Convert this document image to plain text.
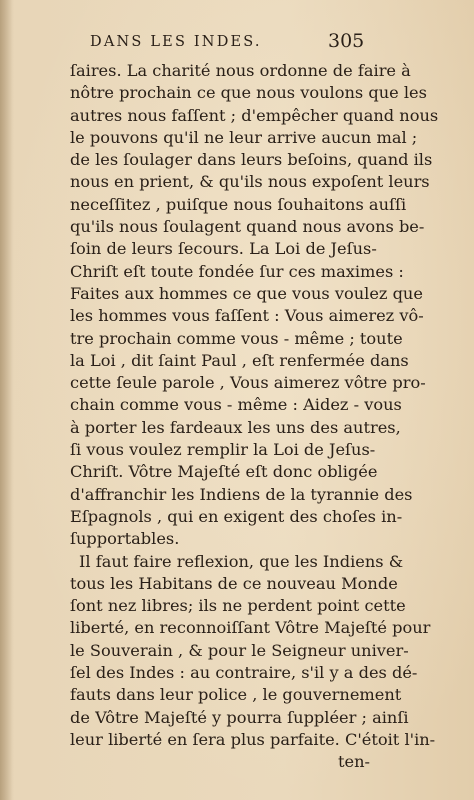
DANS LES INDES.	305
ſaires. La charité nous ordonne de faire à
nôtre prochain ce que nous voulons que les
autres nous faſſent ; d'empêcher quand nous
le pouvons qu'il ne leur arrive aucun mal ;
de les ſoulager dans leurs beſoins, quand ils
nous en prient, & qu'ils nous expoſent leurs
neceſſitez , puiſque nous ſouhaitons auſſi
qu'ils nous ſoulagent quand nous avons be-
ſoin de leurs ſecours. La Loi de Jeſus-
Chriſt eſt toute fondée ſur ces maximes :
Faites aux hommes ce que vous voulez que
les hommes vous faſſent : Vous aimerez vô-
tre prochain comme vous - même ; toute
la Loi , dit ſaint Paul , eſt renfermée dans
cette ſeule parole , Vous aimerez vôtre pro-
chain comme vous - même : Aidez - vous
à porter les fardeaux les uns des autres,
ſi vous voulez remplir la Loi de Jeſus-
Chriſt. Vôtre Majeſté eſt donc obligée
d'affranchir les Indiens de la tyrannie des
Eſpagnols , qui en exigent des choſes in-
ſupportables.
Il faut faire reflexion, que les Indiens &
tous les Habitans de ce nouveau Monde
ſont nez libres; ils ne perdent point cette
liberté, en reconnoiſſant Vôtre Majeſté pour
le Souverain , & pour le Seigneur univer-
ſel des Indes : au contraire, s'il y a des dé-
fauts dans leur police , le gouvernement
de Vôtre Majeſté y pourra ſuppléer ; ainſi
leur liberté en ſera plus parfaite. C'étoit l'in-
ten-
